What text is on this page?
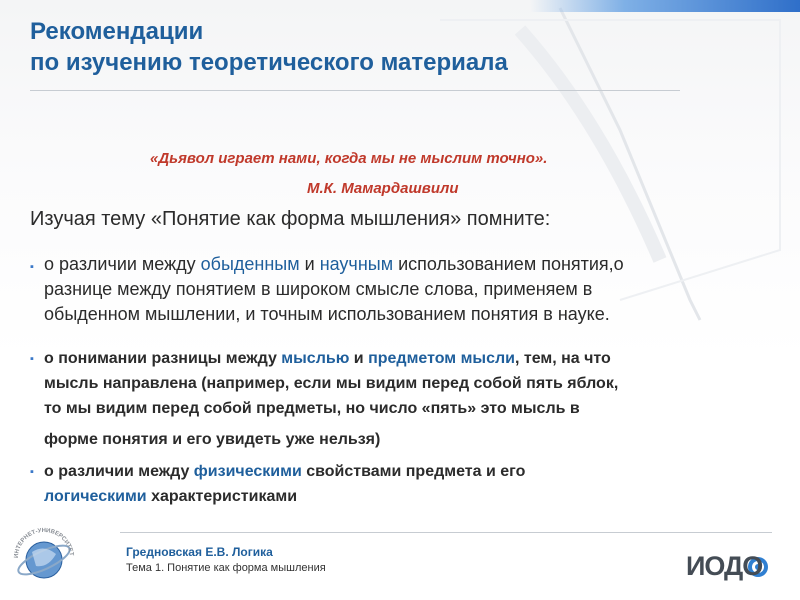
Рекомендации
по изучению теоретического материала
«Дьявол играет нами, когда мы не мыслим точно».
М.К. Мамардашвили
Изучая тему «Понятие как форма мышления» помните:
▪ о различии между обыденным и научным использованием понятия,о
разнице между понятием в широком смысле слова, применяем в
обыденном мышлении, и точным использованием понятия в науке.
▪ о понимании разницы между мыслью и предметом мысли, тем, на что
мысль направлена (например, если мы видим перед собой пять яблок,
то мы видим перед собой предметы, но число «пять» это мысль в
форме понятия и его увидеть уже нельзя)
▪ о различии между физическими свойствами предмета и его
логическими характеристиками
ИНТЕРНЕТ-УНИВЕРСИТЕТ	Гредновская Е.В. Логика
Тема 1. Понятие как форма мышления	ИОДО
